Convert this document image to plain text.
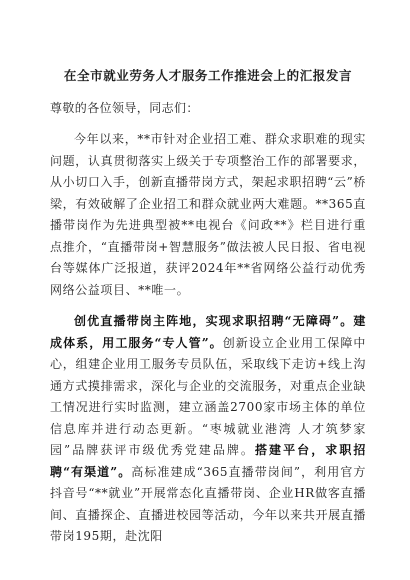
在全市就业劳务人才服务工作推进会上的汇报发言
尊敬的各位领导，同志们：

今年以来，**市针对企业招工难、群众求职难的现实问题，认真贯彻落实上级关于专项整治工作的部署要求，从小切口入手，创新直播带岗方式，架起求职招聘“云”桥梁，有效破解了企业招工和群众就业两大难题。**365直播带岗作为先进典型被**电视台《问政**》栏目进行重点推介，“直播带岗+智慧服务”做法被人民日报、省电视台等媒体广泛报道，获评2024年**省网络公益行动优秀网络公益项目、**唯一。

创优直播带岗主阵地，实现求职招聘“无障碍”。建成体系，用工服务“专人管”。创新设立企业用工保障中心，组建企业用工服务专员队伍，采取线下走访+线上沟通方式摸排需求，深化与企业的交流服务，对重点企业缺工情况进行实时监测，建立涵盖2700家市场主体的单位信息库并进行动态更新。“枣城就业港湾 人才筑梦家园”品牌获评市级优秀党建品牌。搭建平台，求职招聘“有渠道”。高标准建成“365直播带岗间”，利用官方抖音号“**就业”开展常态化直播带岗、企业HR做客直播间、直播探企、直播进校园等活动，今年以来共开展直播带岗195期，赴沈阳
